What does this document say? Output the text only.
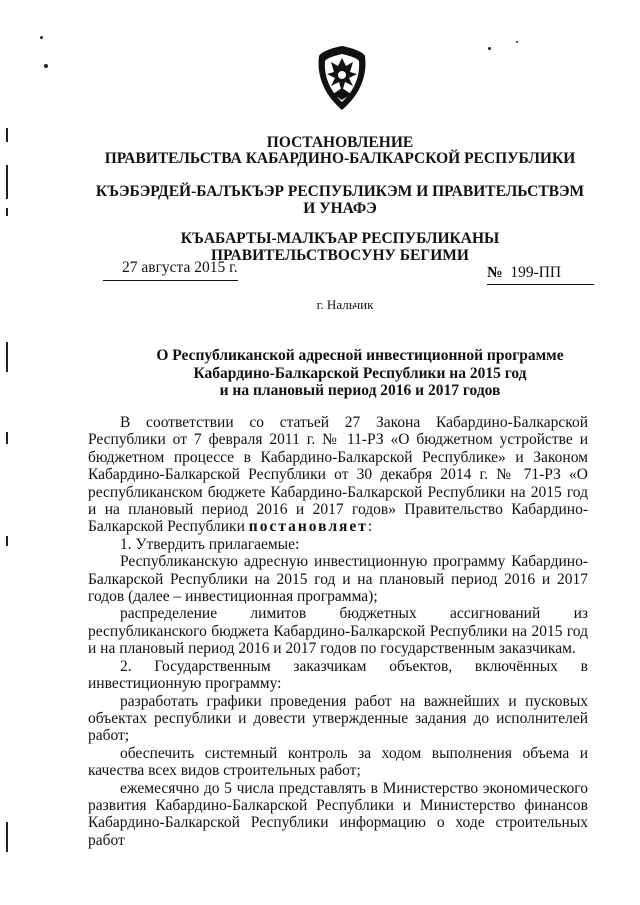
ПОСТАНОВЛЕНИЕ
ПРАВИТЕЛЬСТВА КАБАРДИНО-БАЛКАРСКОЙ РЕСПУБЛИКИ
КЪЭБЭРДЕЙ-БАЛЪКЪЭР РЕСПУБЛИКЭМ И ПРАВИТЕЛЬСТВЭМ И УНАФЭ
КЪАБАРТЫ-МАЛКЪАР РЕСПУБЛИКАНЫ ПРАВИТЕЛЬСТВОСУНУ БЕГИМИ
27 августа 2015 г.	№ 199-ПП
г. Нальчик
О Республиканской адресной инвестиционной программе
Кабардино-Балкарской Республики на 2015 год
и на плановый период 2016 и 2017 годов

В соответствии со статьей 27 Закона Кабардино-Балкарской Республики от 7 февраля 2011 г. № 11-РЗ «О бюджетном устройстве и бюджетном процессе в Кабардино-Балкарской Республике» и Законом Кабардино-Балкарской Республики от 30 декабря 2014 г. № 71-РЗ «О республиканском бюджете Кабардино-Балкарской Республики на 2015 год и на плановый период 2016 и 2017 годов» Правительство Кабардино-Балкарской Республики постановляет:

1. Утвердить прилагаемые:

Республиканскую адресную инвестиционную программу Кабардино-Балкарской Республики на 2015 год и на плановый период 2016 и 2017 годов (далее – инвестиционная программа);

распределение лимитов бюджетных ассигнований из республиканского бюджета Кабардино-Балкарской Республики на 2015 год и на плановый период 2016 и 2017 годов по государственным заказчикам.

2. Государственным заказчикам объектов, включённых в инвестиционную программу:

разработать графики проведения работ на важнейших и пусковых объектах республики и довести утвержденные задания до исполнителей работ;

обеспечить системный контроль за ходом выполнения объема и качества всех видов строительных работ;

ежемесячно до 5 числа представлять в Министерство экономического развития Кабардино-Балкарской Республики и Министерство финансов Кабардино-Балкарской Республики информацию о ходе строительных работ
